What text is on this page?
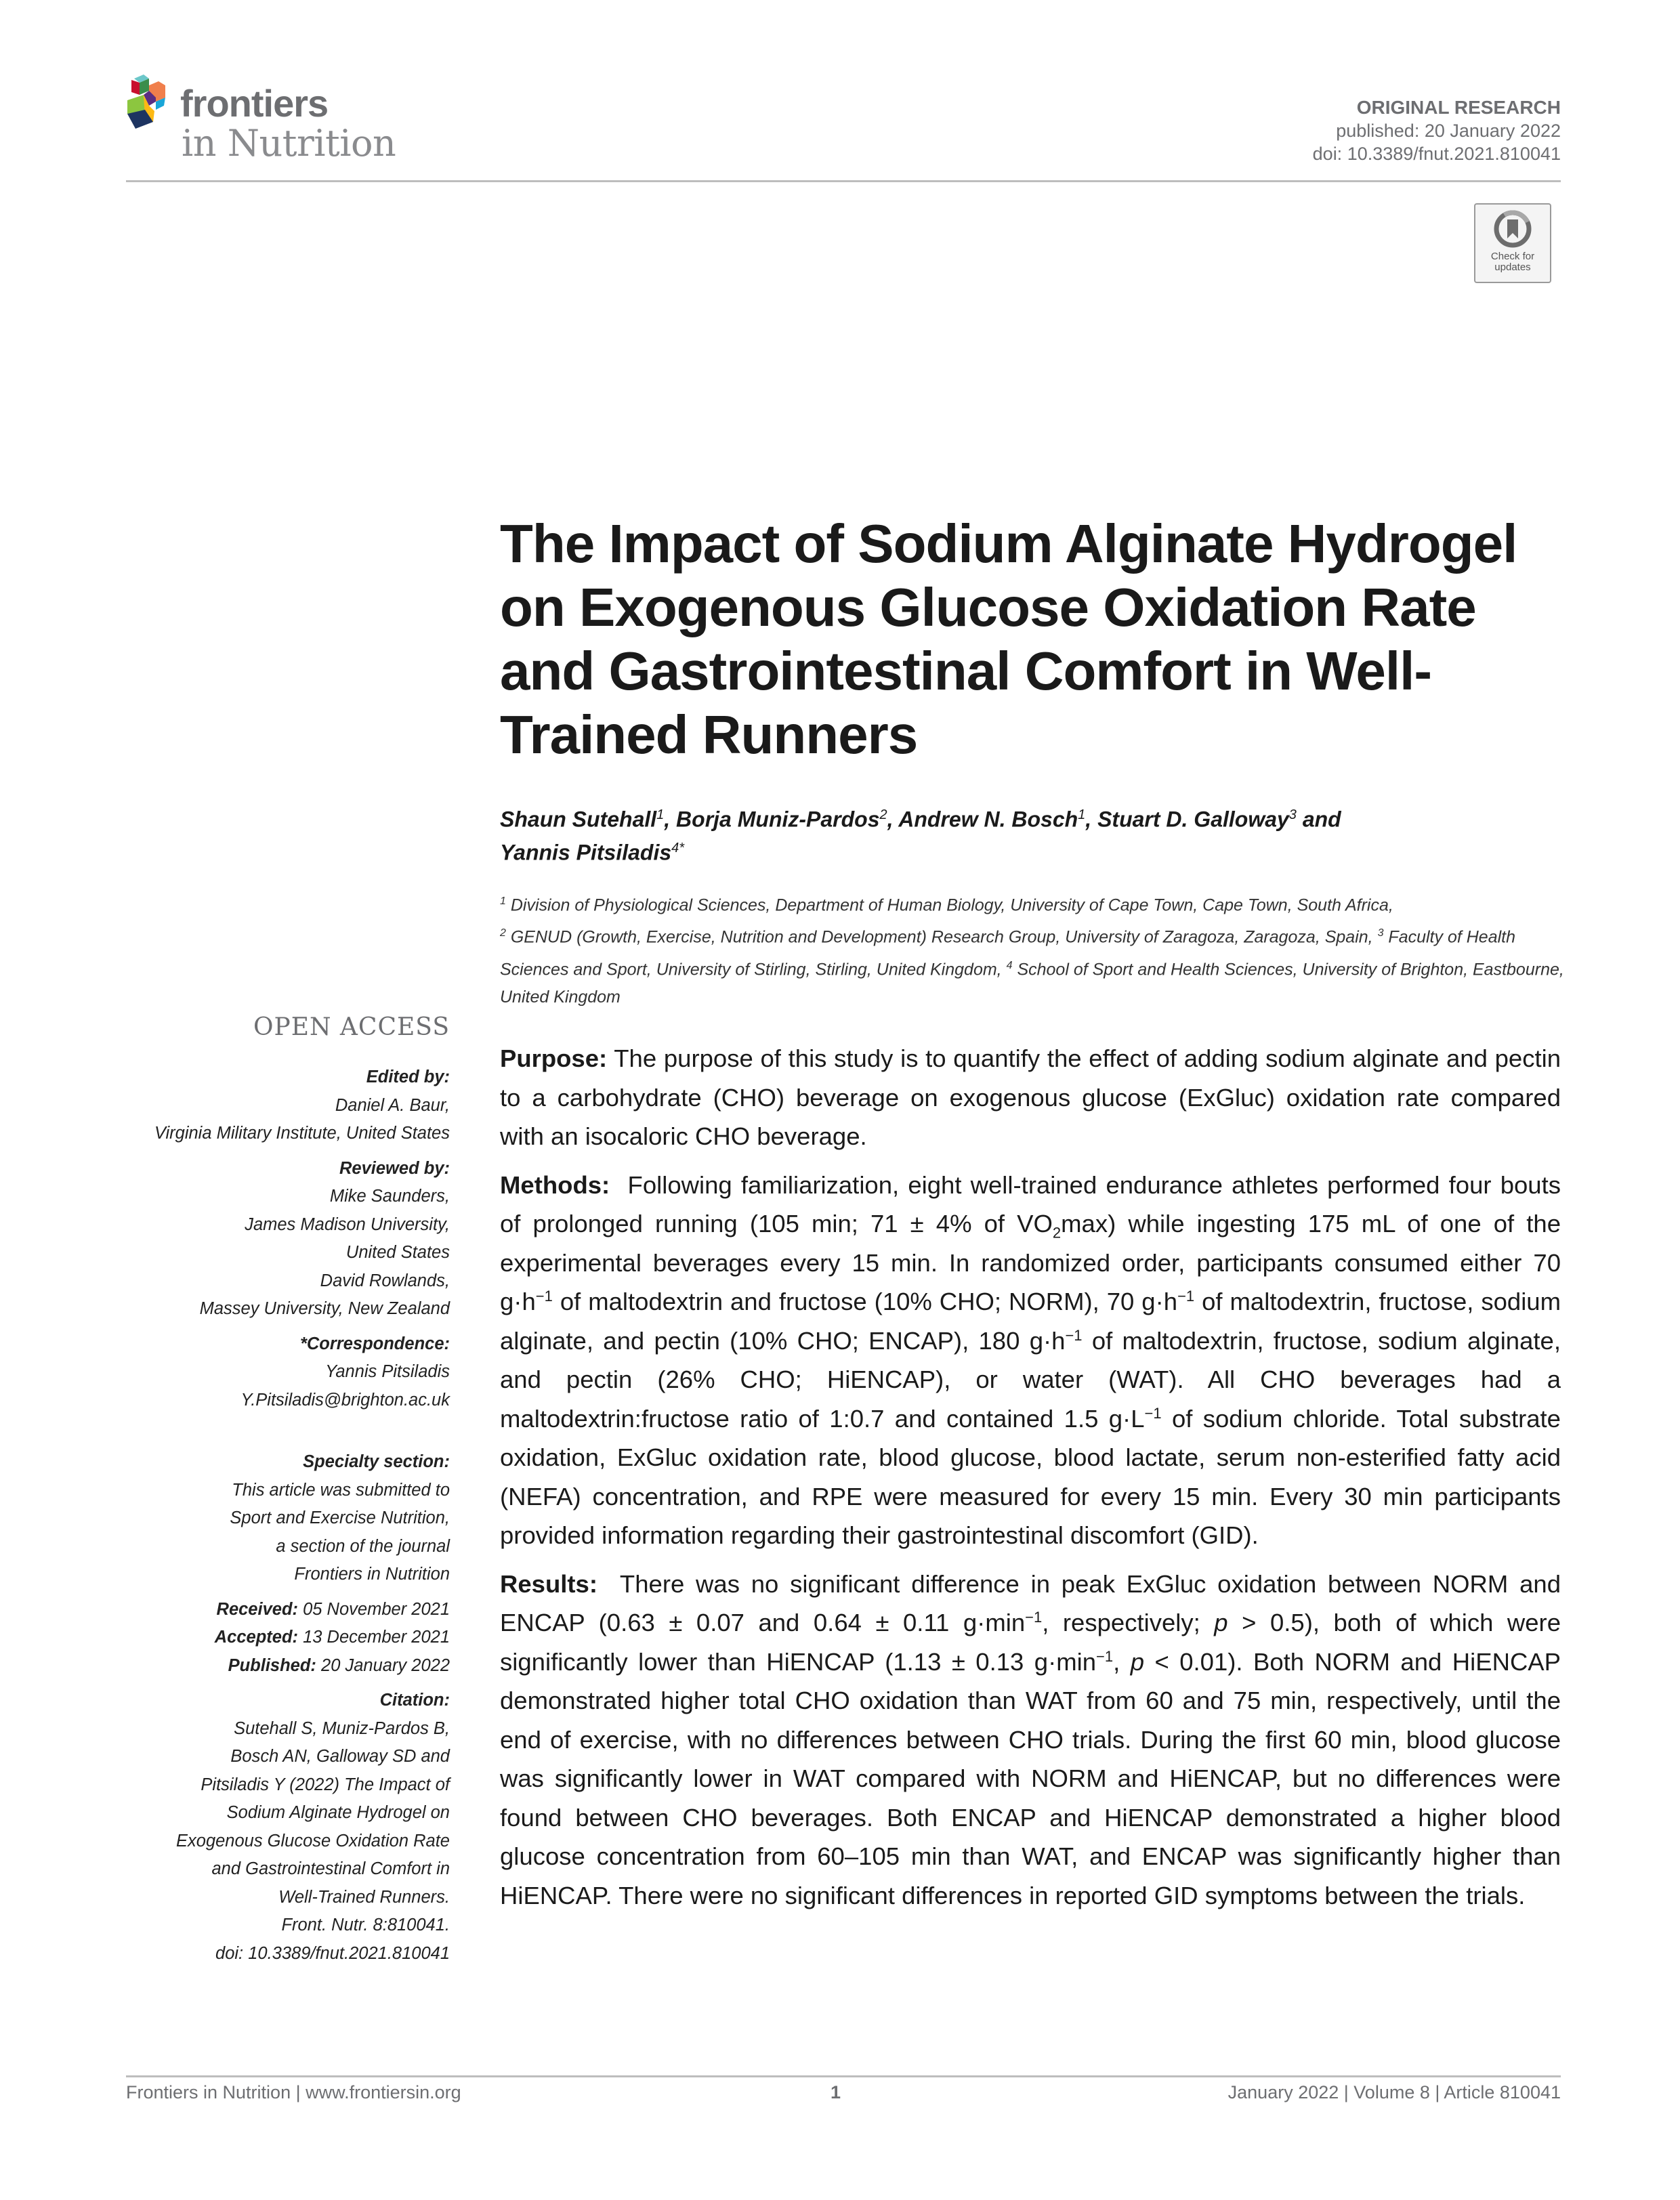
frontiers
in Nutrition
ORIGINAL RESEARCH
published: 20 January 2022
doi: 10.3389/fnut.2021.810041
Check for
updates
The Impact of Sodium Alginate Hydrogel on Exogenous Glucose Oxidation Rate and Gastrointestinal Comfort in Well-Trained Runners
Shaun Sutehall$^1$, Borja Muniz-Pardos$^2$, Andrew N. Bosch$^1$, Stuart D. Galloway$^3$ and
Yannis Pitsiladis$^{4*}$
$^1$ Division of Physiological Sciences, Department of Human Biology, University of Cape Town, Cape Town, South Africa,
$^2$ GENUD (Growth, Exercise, Nutrition and Development) Research Group, University of Zaragoza, Zaragoza, Spain, $^3$ Faculty of Health Sciences and Sport, University of Stirling, Stirling, United Kingdom, $^4$ School of Sport and Health Sciences, University of Brighton, Eastbourne, United Kingdom
OPEN ACCESS
Edited by:
Daniel A. Baur,
Virginia Military Institute, United States
Reviewed by:
Mike Saunders,
James Madison University,
United States
David Rowlands,
Massey University, New Zealand
*Correspondence:
Yannis Pitsiladis
Y.Pitsiladis@brighton.ac.uk
Specialty section:
This article was submitted to
Sport and Exercise Nutrition,
a section of the journal
Frontiers in Nutrition
Received: 05 November 2021
Accepted: 13 December 2021
Published: 20 January 2022
Citation:
Sutehall S, Muniz-Pardos B,
Bosch AN, Galloway SD and
Pitsiladis Y (2022) The Impact of
Sodium Alginate Hydrogel on
Exogenous Glucose Oxidation Rate
and Gastrointestinal Comfort in
Well-Trained Runners.
Front. Nutr. 8:810041.
doi: 10.3389/fnut.2021.810041

Purpose: The purpose of this study is to quantify the effect of adding sodium alginate and pectin to a carbohydrate (CHO) beverage on exogenous glucose (ExGluc) oxidation rate compared with an isocaloric CHO beverage.

Methods: Following familiarization, eight well-trained endurance athletes performed four bouts of prolonged running (105 min; 71 ± 4% of $VO_2\max$) while ingesting 175 mL of one of the experimental beverages every 15 min. In randomized order, participants consumed either 70 $g\cdot h^{-1}$ of maltodextrin and fructose (10% CHO; NORM), 70 $g\cdot h^{-1}$ of maltodextrin, fructose, sodium alginate, and pectin (10% CHO; ENCAP), 180 $g\cdot h^{-1}$ of maltodextrin, fructose, sodium alginate, and pectin (26% CHO; HiENCAP), or water (WAT). All CHO beverages had a maltodextrin:fructose ratio of 1:0.7 and contained 1.5 $g\cdot L^{-1}$ of sodium chloride. Total substrate oxidation, ExGluc oxidation rate, blood glucose, blood lactate, serum non-esterified fatty acid (NEFA) concentration, and RPE were measured for every 15 min. Every 30 min participants provided information regarding their gastrointestinal discomfort (GID).

Results: There was no significant difference in peak ExGluc oxidation between NORM and ENCAP (0.63 ± 0.07 and 0.64 ± 0.11 $g\cdot\min^{-1}$, respectively; p > 0.5), both of which were significantly lower than HiENCAP (1.13 ± 0.13 $g\cdot\min^{-1}$, p < 0.01). Both NORM and HiENCAP demonstrated higher total CHO oxidation than WAT from 60 and 75 min, respectively, until the end of exercise, with no differences between CHO trials. During the first 60 min, blood glucose was significantly lower in WAT compared with NORM and HiENCAP, but no differences were found between CHO beverages. Both ENCAP and HiENCAP demonstrated a higher blood glucose concentration from 60–105 min than WAT, and ENCAP was significantly higher than HiENCAP. There were no significant differences in reported GID symptoms between the trials.

Frontiers in Nutrition | www.frontiersin.org	1	January 2022 | Volume 8 | Article 810041
